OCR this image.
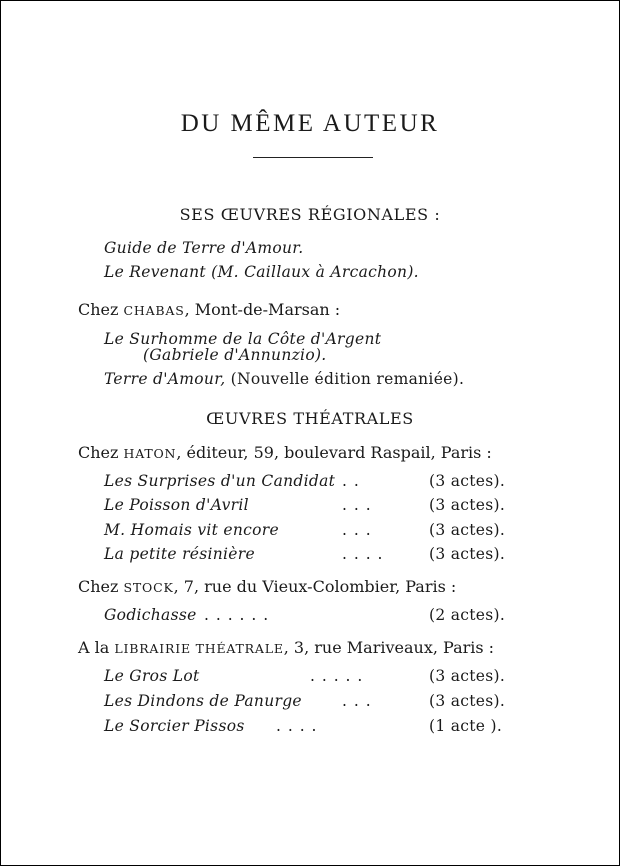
DU MÊME AUTEUR
SES ŒUVRES RÉGIONALES :
Guide de Terre d'Amour.
Le Revenant (M. Caillaux à Arcachon).
Chez CHABAS, Mont-de-Marsan :
Le Surhomme de la Côte d'Argent
(Gabriele d'Annunzio).
Terre d'Amour, (Nouvelle édition remaniée).
ŒUVRES THÉATRALES
Chez HATON, éditeur, 59, boulevard Raspail, Paris :
Les Surprises d'un Candidat . .	(3 actes).
Le Poisson d'Avril	. . .	(3 actes).
M. Homais vit encore	. . .	(3 actes).
La petite résinière	. . . .	(3 actes).
Chez STOCK, 7, rue du Vieux-Colombier, Paris :
Godichasse . . . . . .	(2 actes).
A la LIBRAIRIE THÉATRALE, 3, rue Mariveaux, Paris :
Le Gros Lot	. . . . .	(3 actes).
Les Dindons de Panurge	. . .	(3 actes).
Le Sorcier Pissos . . . .	(1 acte ).
